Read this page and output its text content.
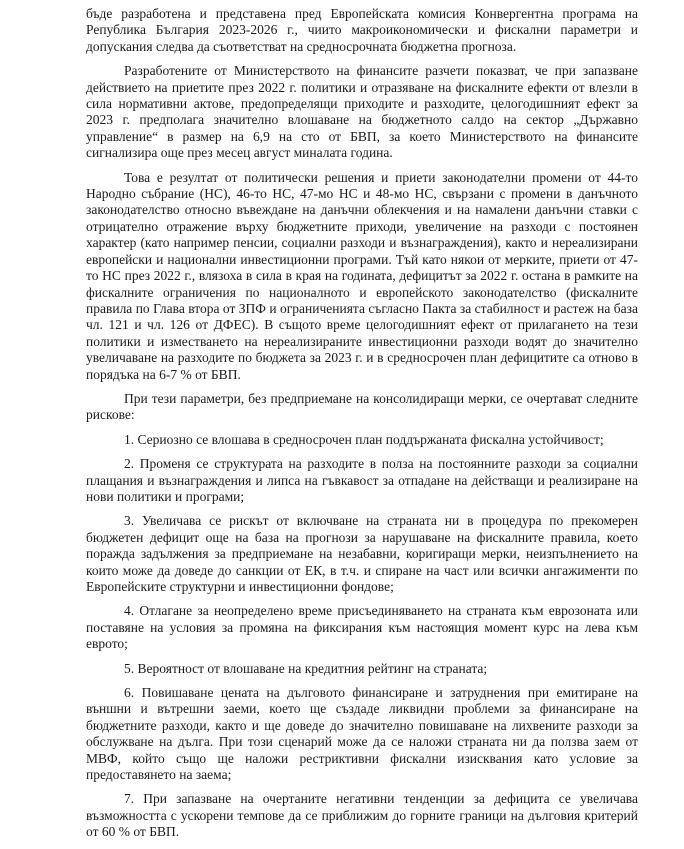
бъде разработена и представена пред Европейската комисия Конвергентна програма на Република България 2023-2026 г., чиито макроикономически и фискални параметри и допускания следва да съответстват на средносрочната бюджетна прогноза.

Разработените от Министерството на финансите разчети показват, че при запазване действието на приетите през 2022 г. политики и отразяване на фискалните ефекти от влезли в сила нормативни актове, предопределящи приходите и разходите, целогодишният ефект за 2023 г. предполага значително влошаване на бюджетното салдо на сектор „Държавно управление“ в размер на 6,9 на сто от БВП, за което Министерството на финансите сигнализира още през месец август миналата година.

Това е резултат от политически решения и приети законодателни промени от 44-то Народно събрание (НС), 46-то НС, 47-мо НС и 48-мо НС, свързани с промени в данъчното законодателство относно въвеждане на данъчни облекчения и на намалени данъчни ставки с отрицателно отражение върху бюджетните приходи, увеличение на разходи с постоянен характер (като например пенсии, социални разходи и възнаграждения), както и нереализирани европейски и национални инвестиционни програми. Тъй като някои от мерките, приети от 47-то НС през 2022 г., влязоха в сила в края на годината, дефицитът за 2022 г. остана в рамките на фискалните ограничения по националното и европейското законодателство (фискалните правила по Глава втора от ЗПФ и ограниченията съгласно Пакта за стабилност и растеж на база чл. 121 и чл. 126 от ДФЕС). В същото време целогодишният ефект от прилагането на тези политики и изместването на нереализираните инвестиционни разходи водят до значително увеличаване на разходите по бюджета за 2023 г. и в средносрочен план дефицитите са отново в порядъка на 6-7 % от БВП.

При тези параметри, без предприемане на консолидиращи мерки, се очертават следните рискове:

1. Сериозно се влошава в средносрочен план поддържаната фискална устойчивост;

2. Променя се структурата на разходите в полза на постоянните разходи за социални плащания и възнаграждения и липса на гъвкавост за отпадане на действащи и реализиране на нови политики и програми;

3. Увеличава се рискът от включване на страната ни в процедура по прекомерен бюджетен дефицит още на база на прогнози за нарушаване на фискалните правила, което поражда задължения за предприемане на незабавни, коригиращи мерки, неизпълнението на които може да доведе до санкции от ЕК, в т.ч. и спиране на част или всички ангажименти по Европейските структурни и инвестиционни фондове;

4. Отлагане за неопределено време присъединяването на страната към еврозоната или поставяне на условия за промяна на фиксирания към настоящия момент курс на лева към еврото;

5. Вероятност от влошаване на кредитния рейтинг на страната;

6. Повишаване цената на дълговото финансиране и затруднения при емитиране на външни и вътрешни заеми, което ще създаде ликвидни проблеми за финансиране на бюджетните разходи, както и ще доведе до значително повишаване на лихвените разходи за обслужване на дълга. При този сценарий може да се наложи страната ни да ползва заем от МВФ, който също ще наложи рестриктивни фискални изисквания като условие за предоставянето на заема;

7. При запазване на очертаните негативни тенденции за дефицита се увеличава възможността с ускорени темпове да се приближим до горните граници на дълговия критерий от 60 % от БВП.
